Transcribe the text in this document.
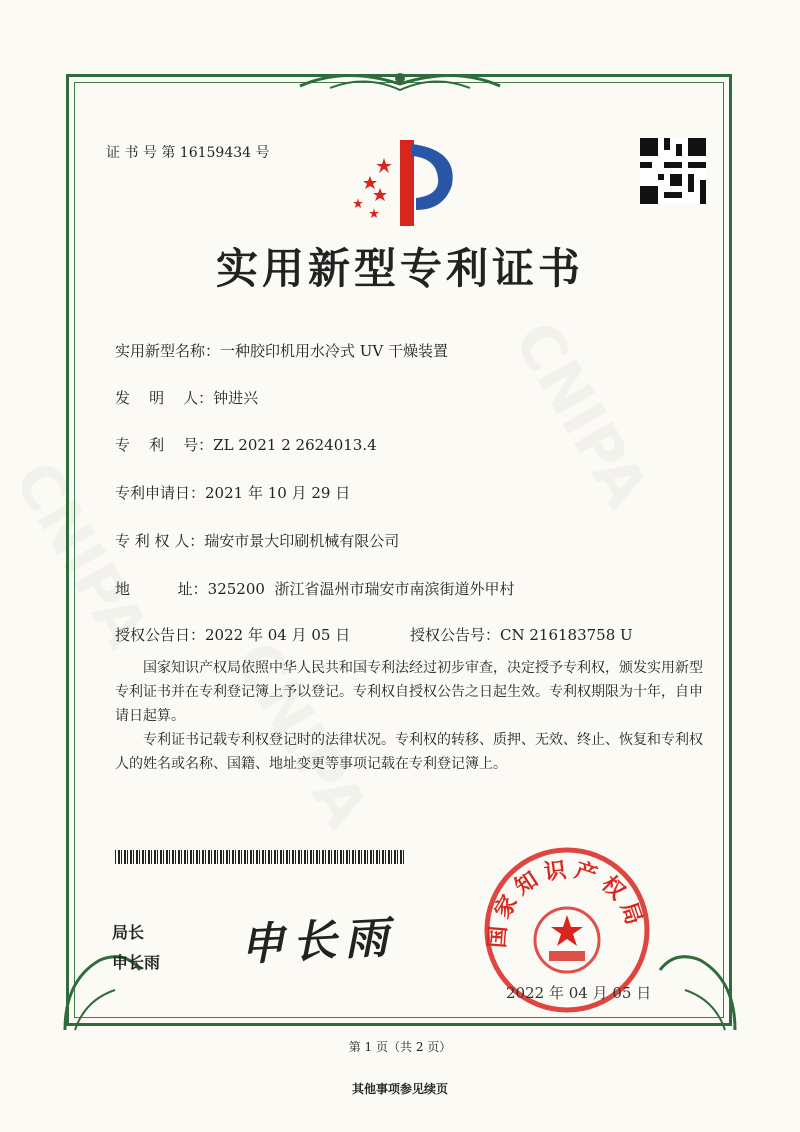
证 书 号 第 16159434 号
实用新型专利证书
实用新型名称：一种胶印机用水冷式 UV 干燥装置
发    明    人：钟进兴
专    利    号：ZL 2021 2 2624013.4
专利申请日：2021 年 10 月 29 日
专 利 权 人：瑞安市景大印刷机械有限公司
地          址：325200  浙江省温州市瑞安市南滨街道外甲村
授权公告日：2022 年 04 月 05 日	授权公告号：CN 216183758 U
国家知识产权局依照中华人民共和国专利法经过初步审查，决定授予专利权，颁发实用新型专利证书并在专利登记簿上予以登记。专利权自授权公告之日起生效。专利权期限为十年，自申请日起算。
专利证书记载专利权登记时的法律状况。专利权的转移、质押、无效、终止、恢复和专利权人的姓名或名称、国籍、地址变更等事项记载在专利登记簿上。
局长
申长雨 申长雨	国家知识产权局
2022 年 04 月 05 日
第 1 页（共 2 页）
其他事项参见续页
